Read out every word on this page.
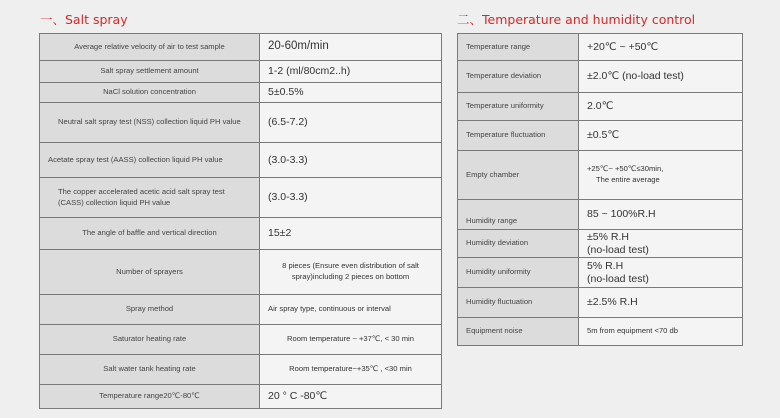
一、Salt spray	二、Temperature and humidity control
Average relative velocity of air to test sample	20-60m/min
Salt spray settlement amount	1-2 (ml/80cm2..h)
NaCl solution concentration	5±0.5%
Neutral salt spray test (NSS) collection liquid PH value	(6.5-7.2)
Acetate spray test (AASS) collection liquid PH value	(3.0-3.3)
The copper accelerated acetic acid salt spray test (CASS) collection liquid PH value	(3.0-3.3)
The angle of baffle and vertical direction	15±2
Number of sprayers	8 pieces (Ensure even distribution of salt spray)including 2 pieces on bottom
Spray method	Air spray type, continuous or interval
Saturator heating rate	Room temperature ~ +37℃, < 30 min
Salt water tank heating rate	Room temperature~+35℃ , <30 min
Temperature range20℃-80℃	20 ° C -80℃
Temperature range	+20℃ ~ +50℃
Temperature deviation	±2.0℃ (no-load test)
Temperature uniformity	2.0℃
Temperature fluctuation	±0.5℃
Empty chamber	+25℃~ +50℃≤30min,
The entire average

Humidity range	85 ~ 100%R.H
Humidity deviation	±5% R.H
(no-load test)

Humidity uniformity	5% R.H
(no-load test)

Humidity fluctuation	±2.5% R.H
Equipment noise	5m from equipment <70 db
